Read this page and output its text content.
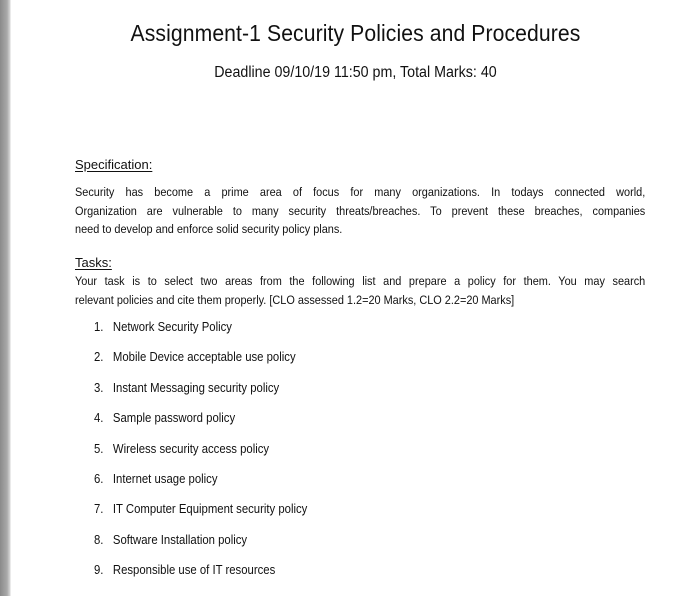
Assignment-1 Security Policies and Procedures
Deadline 09/10/19 11:50 pm, Total Marks: 40
Specification:
Security has become a prime area of focus for many organizations. In todays connected world,
Organization are vulnerable to many security threats/breaches. To prevent these breaches, companies
need to develop and enforce solid security policy plans.
Tasks:
Your task is to select two areas from the following list and prepare a policy for them. You may search
relevant policies and cite them properly. [CLO assessed 1.2=20 Marks, CLO 2.2=20 Marks]
1. Network Security Policy
2. Mobile Device acceptable use policy
3. Instant Messaging security policy
4. Sample password policy
5. Wireless security access policy
6. Internet usage policy
7. IT Computer Equipment security policy
8. Software Installation policy
9. Responsible use of IT resources
